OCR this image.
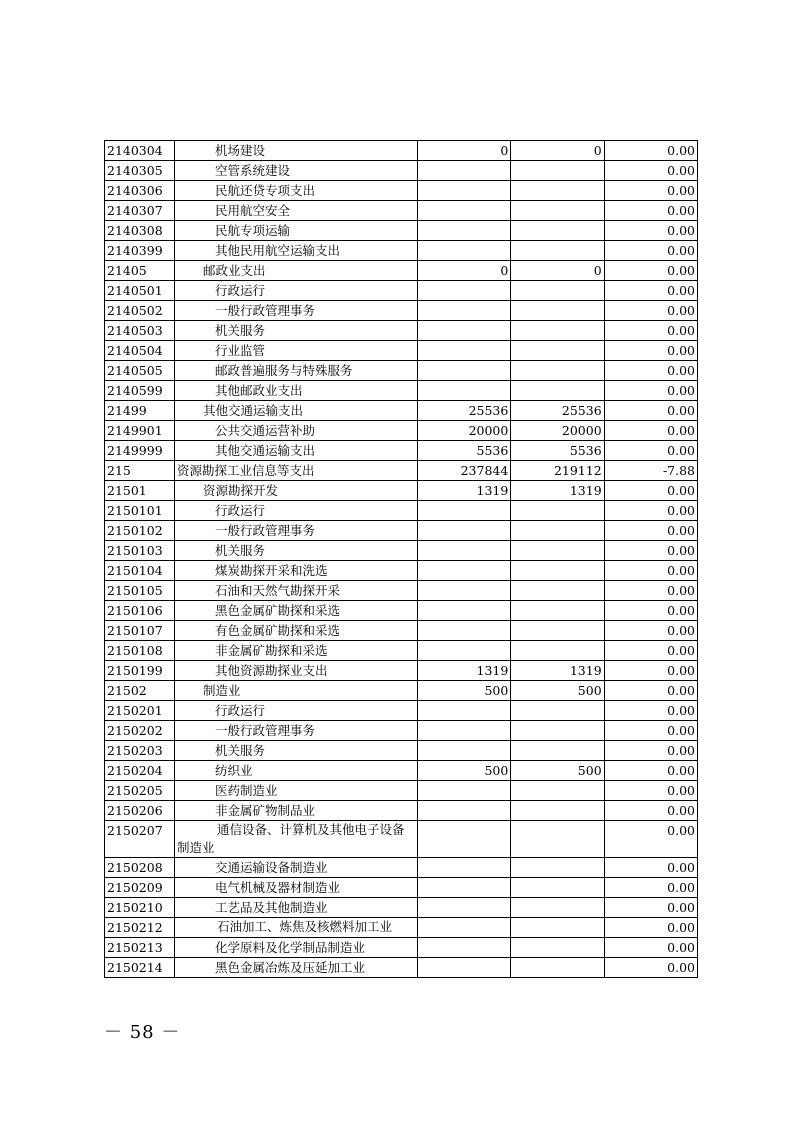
2140304	机场建设	0	0	0.00
2140305	空管系统建设			0.00
2140306	民航还贷专项支出			0.00
2140307	民用航空安全			0.00
2140308	民航专项运输			0.00
2140399	其他民用航空运输支出			0.00
21405	邮政业支出	0	0	0.00
2140501	行政运行			0.00
2140502	一般行政管理事务			0.00
2140503	机关服务			0.00
2140504	行业监管			0.00
2140505	邮政普遍服务与特殊服务			0.00
2140599	其他邮政业支出			0.00
21499	其他交通运输支出	25536	25536	0.00
2149901	公共交通运营补助	20000	20000	0.00
2149999	其他交通运输支出	5536	5536	0.00
215	资源勘探工业信息等支出	237844	219112	-7.88
21501	资源勘探开发	1319	1319	0.00
2150101	行政运行			0.00
2150102	一般行政管理事务			0.00
2150103	机关服务			0.00
2150104	煤炭勘探开采和洗选			0.00
2150105	石油和天然气勘探开采			0.00
2150106	黑色金属矿勘探和采选			0.00
2150107	有色金属矿勘探和采选			0.00
2150108	非金属矿勘探和采选			0.00
2150199	其他资源勘探业支出	1319	1319	0.00
21502	制造业	500	500	0.00
2150201	行政运行			0.00
2150202	一般行政管理事务			0.00
2150203	机关服务			0.00
2150204	纺织业	500	500	0.00
2150205	医药制造业			0.00
2150206	非金属矿物制品业			0.00
2150207	通信设备、计算机及其他电子设备制造业			0.00
2150208	交通运输设备制造业			0.00
2150209	电气机械及器材制造业			0.00
2150210	工艺品及其他制造业			0.00
2150212	石油加工、炼焦及核燃料加工业			0.00
2150213	化学原料及化学制品制造业			0.00
2150214	黑色金属冶炼及压延加工业			0.00
－ 58 －
